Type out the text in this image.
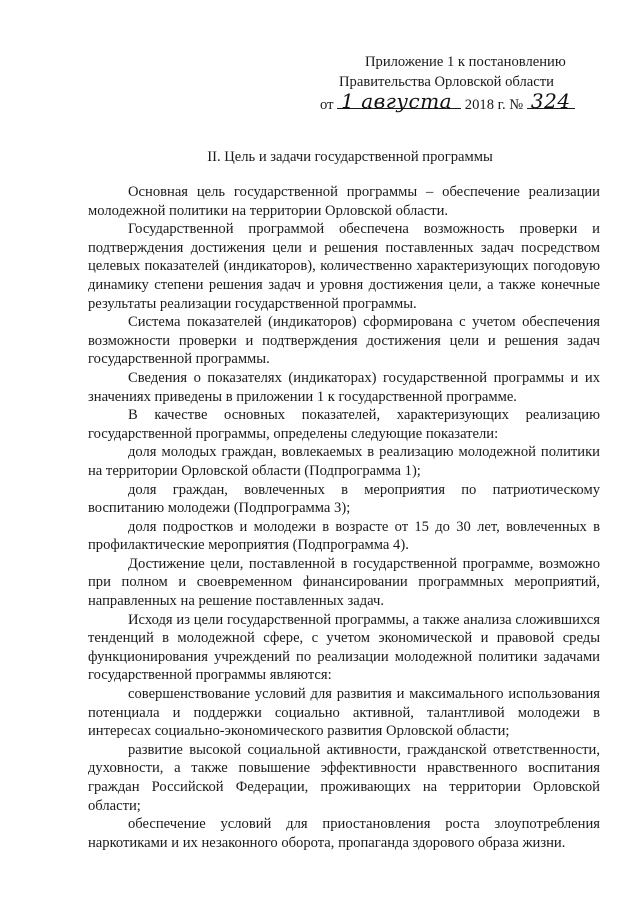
Приложение 1 к постановлению
Правительства Орловской области
от 1 августа 2018 г. № 324
II. Цель и задачи государственной программы

Основная цель государственной программы – обеспечение реализации молодежной политики на территории Орловской области.

Государственной программой обеспечена возможность проверки и подтверждения достижения цели и решения поставленных задач посредством целевых показателей (индикаторов), количественно характеризующих погодовую динамику степени решения задач и уровня достижения цели, а также конечные результаты реализации государственной программы.

Система показателей (индикаторов) сформирована с учетом обеспечения возможности проверки и подтверждения достижения цели и решения задач государственной программы.

Сведения о показателях (индикаторах) государственной программы и их значениях приведены в приложении 1 к государственной программе.

В качестве основных показателей, характеризующих реализацию государственной программы, определены следующие показатели:

доля молодых граждан, вовлекаемых в реализацию молодежной политики на территории Орловской области (Подпрограмма 1);

доля граждан, вовлеченных в мероприятия по патриотическому воспитанию молодежи (Подпрограмма 3);

доля подростков и молодежи в возрасте от 15 до 30 лет, вовлеченных в профилактические мероприятия (Подпрограмма 4).

Достижение цели, поставленной в государственной программе, возможно при полном и своевременном финансировании программных мероприятий, направленных на решение поставленных задач.

Исходя из цели государственной программы, а также анализа сложившихся тенденций в молодежной сфере, с учетом экономической и правовой среды функционирования учреждений по реализации молодежной политики задачами государственной программы являются:

совершенствование условий для развития и максимального использования потенциала и поддержки социально активной, талантливой молодежи в интересах социально-экономического развития Орловской области;

развитие высокой социальной активности, гражданской ответственности, духовности, а также повышение эффективности нравственного воспитания граждан Российской Федерации, проживающих на территории Орловской области;

обеспечение условий для приостановления роста злоупотребления наркотиками и их незаконного оборота, пропаганда здорового образа жизни.
